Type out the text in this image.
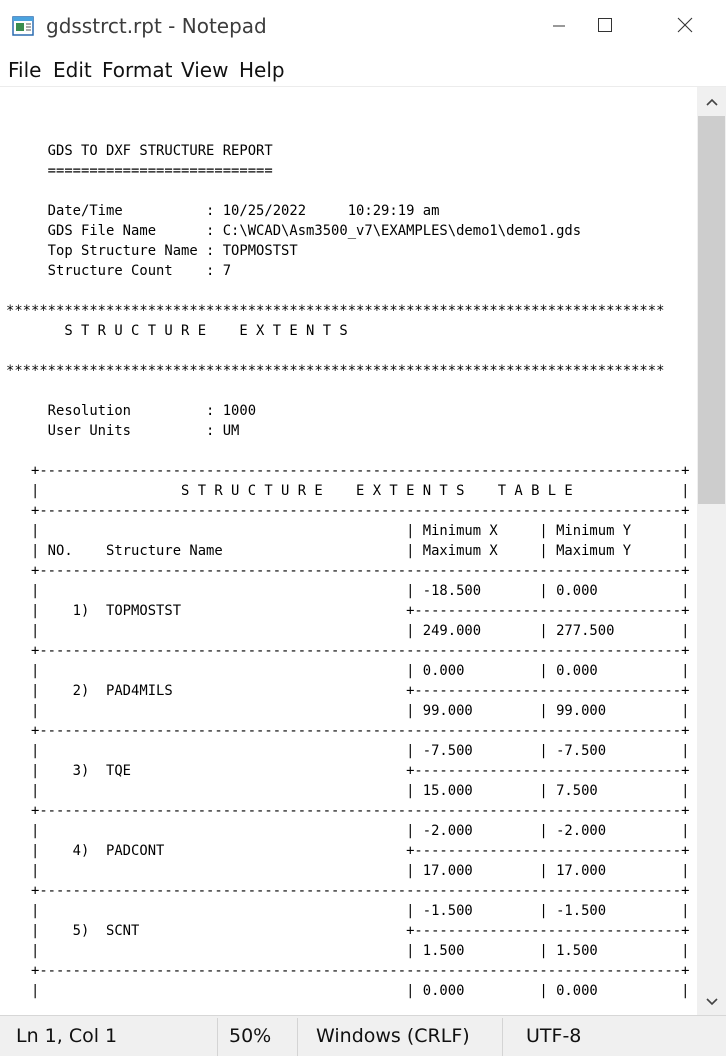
gdsstrct.rpt - Notepad
File Edit Format View Help

GDS TO DXF STRUCTURE REPORT
===========================

Date/Time          : 10/25/2022     10:29:19 am
GDS File Name      : C:\WCAD\Asm3500_v7\EXAMPLES\demo1\demo1.gds
Top Structure Name : TOPMOSTST
Structure Count    : 7

*******************************************************************************
S T R U C T U R E    E X T E N T S

*******************************************************************************

Resolution         : 1000
User Units         : UM

+-----------------------------------------------------------------------------+
|                 S T R U C T U R E    E X T E N T S    T A B L E             |
+-----------------------------------------------------------------------------+
|                                            | Minimum X     | Minimum Y      |
| NO.    Structure Name                      | Maximum X     | Maximum Y      |
+-----------------------------------------------------------------------------+
|                                            | -18.500       | 0.000          |
|    1)  TOPMOSTST                           +--------------------------------+
|                                            | 249.000       | 277.500        |
+-----------------------------------------------------------------------------+
|                                            | 0.000         | 0.000          |
|    2)  PAD4MILS                            +--------------------------------+
|                                            | 99.000        | 99.000         |
+-----------------------------------------------------------------------------+
|                                            | -7.500        | -7.500         |
|    3)  TQE                                 +--------------------------------+
|                                            | 15.000        | 7.500          |
+-----------------------------------------------------------------------------+
|                                            | -2.000        | -2.000         |
|    4)  PADCONT                             +--------------------------------+
|                                            | 17.000        | 17.000         |
+-----------------------------------------------------------------------------+
|                                            | -1.500        | -1.500         |
|    5)  SCNT                                +--------------------------------+
|                                            | 1.500         | 1.500          |
+-----------------------------------------------------------------------------+
|                                            | 0.000         | 0.000          |

Ln 1, Col 1	50% Windows (CRLF)	UTF-8
